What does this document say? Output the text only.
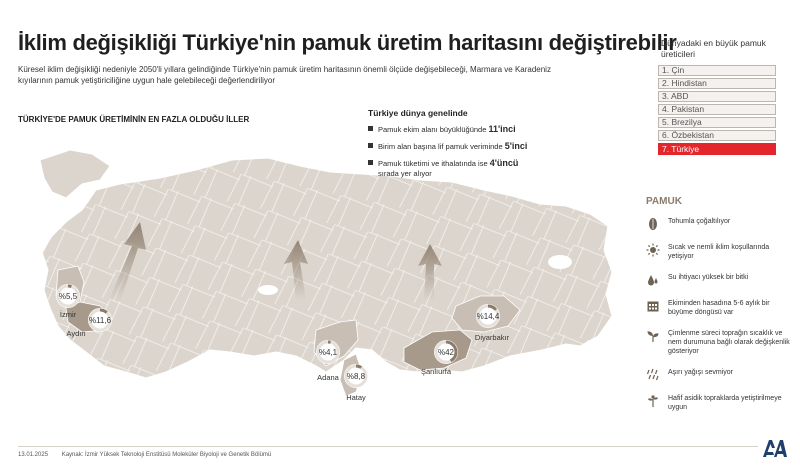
İklim değişikliği Türkiye'nin pamuk üretim haritasını değiştirebilir
Küresel iklim değişikliği nedeniyle 2050'li yıllara gelindiğinde Türkiye'nin pamuk üretim haritasının önemli ölçüde değişebileceği, Marmara ve Karadeniz kıyılarının pamuk yetiştiriciliğine uygun hale gelebileceği değerlendiriliyor
TÜRKİYE'DE PAMUK ÜRETİMİNİN EN FAZLA OLDUĞU İLLER
%5,5
İzmir
%11,6
Aydın
%4,1
Adana %8,8
Hatay
%42
Şanlıurfa
%14,4
Diyarbakır
Türkiye dünya genelinde
Pamuk ekim alanı büyüklüğünde 11'inci
Birim alan başına lif pamuk veriminde 5'inci
Pamuk tüketimi ve ithalatında ise 4'üncü
sırada yer alıyor
Dünyadaki en büyük pamuk üreticileri
1. Çin
2. Hindistan
3. ABD
4. Pakistan
5. Brezilya
6. Özbekistan
7. Türkiye
PAMUK
Tohumla çoğaltılıyor
Sıcak ve nemli iklim koşullarında yetişiyor
Su ihtiyacı yüksek bir bitki
Ekiminden hasadına 5-6 aylık bir büyüme döngüsü var
Çimlenme süreci toprağın sıcaklık ve nem durumuna bağlı olarak değişkenlik gösteriyor
Aşırı yağışı sevmiyor
Hafif asidik topraklarda yetiştirilmeye uygun
13.01.2025 Kaynak: İzmir Yüksek Teknoloji Enstitüsü Moleküler Biyoloji ve Genetik Bölümü
